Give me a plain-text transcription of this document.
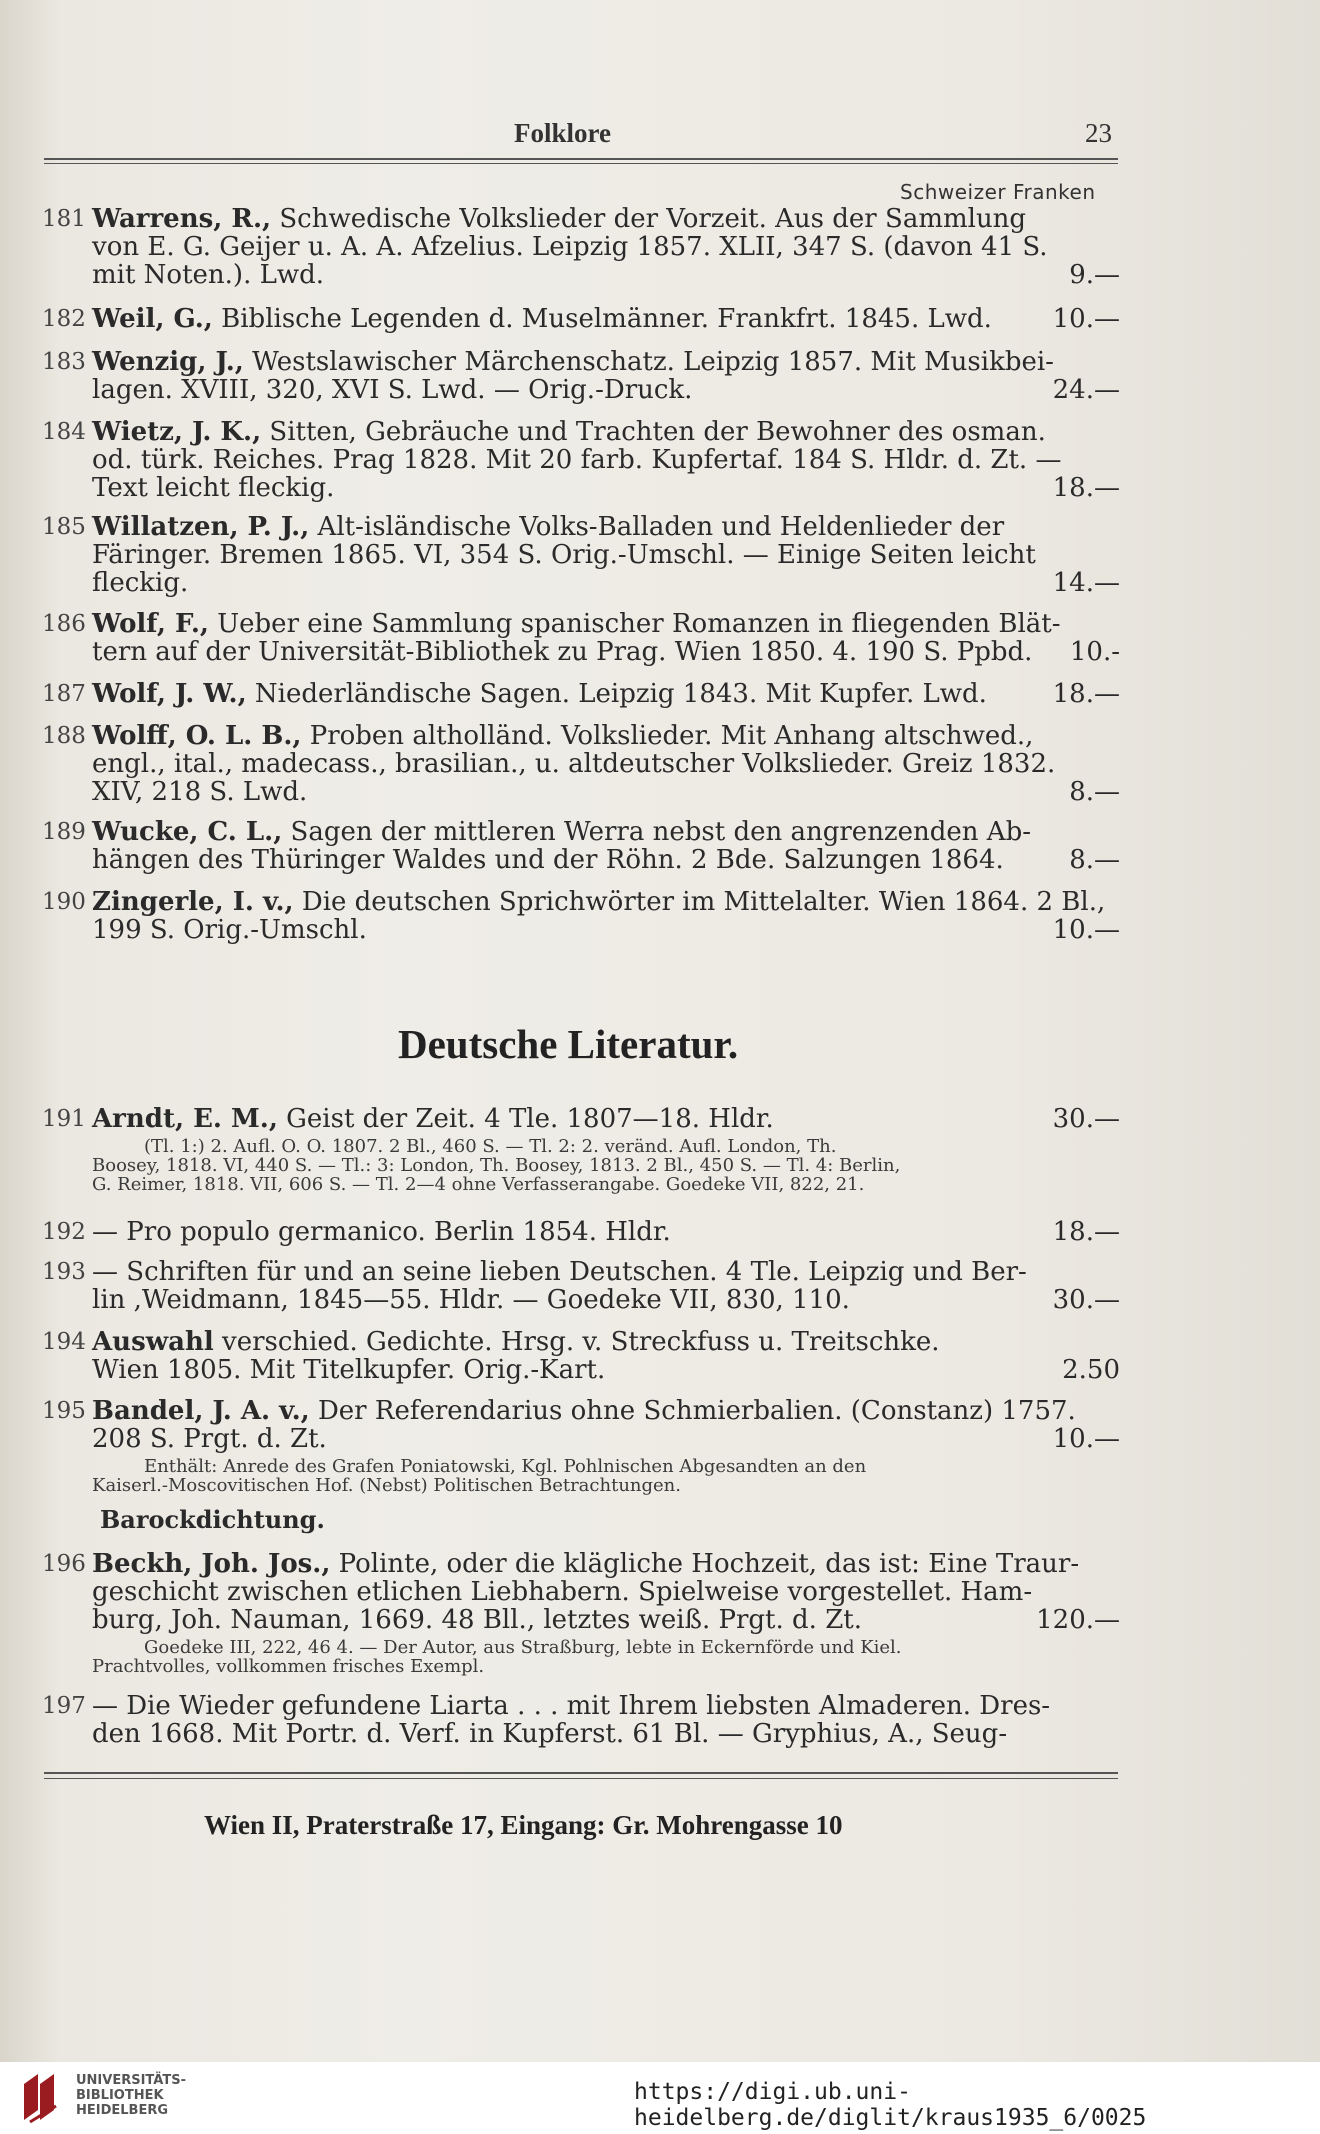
Folklore	23
Schweizer Franken
181 Warrens, R., Schwedische Volkslieder der Vorzeit. Aus der Sammlung
von E. G. Geijer u. A. A. Afzelius. Leipzig 1857. XLII, 347 S. (davon 41 S.
mit Noten.). Lwd.	9.—
182 Weil, G., Biblische Legenden d. Muselmänner. Frankfrt. 1845. Lwd.	10.—
183 Wenzig, J., Westslawischer Märchenschatz. Leipzig 1857. Mit Musikbei-
lagen. XVIII, 320, XVI S. Lwd. — Orig.-Druck.	24.—
184 Wietz, J. K., Sitten, Gebräuche und Trachten der Bewohner des osman.
od. türk. Reiches. Prag 1828. Mit 20 farb. Kupfertaf. 184 S. Hldr. d. Zt. —
Text leicht fleckig.	18.—
185 Willatzen, P. J., Alt-isländische Volks-Balladen und Heldenlieder der
Färinger. Bremen 1865. VI, 354 S. Orig.-Umschl. — Einige Seiten leicht
fleckig.	14.—
186 Wolf, F., Ueber eine Sammlung spanischer Romanzen in fliegenden Blät-
tern auf der Universität-Bibliothek zu Prag. Wien 1850. 4. 190 S. Ppbd.	10.-
187 Wolf, J. W., Niederländische Sagen. Leipzig 1843. Mit Kupfer. Lwd.	18.—
188 Wolff, O. L. B., Proben altholländ. Volkslieder. Mit Anhang altschwed.,
engl., ital., madecass., brasilian., u. altdeutscher Volkslieder. Greiz 1832.
XIV, 218 S. Lwd.	8.—
189 Wucke, C. L., Sagen der mittleren Werra nebst den angrenzenden Ab-
hängen des Thüringer Waldes und der Röhn. 2 Bde. Salzungen 1864.	8.—
190 Zingerle, I. v., Die deutschen Sprichwörter im Mittelalter. Wien 1864. 2 Bl.,
199 S. Orig.-Umschl.	10.—
Deutsche Literatur.
191 Arndt, E. M., Geist der Zeit. 4 Tle. 1807—18. Hldr.	30.—
(Tl. 1:) 2. Aufl. O. O. 1807. 2 Bl., 460 S. — Tl. 2: 2. veränd. Aufl. London, Th.
Boosey, 1818. VI, 440 S. — Tl.: 3: London, Th. Boosey, 1813. 2 Bl., 450 S. — Tl. 4: Berlin,
G. Reimer, 1818. VII, 606 S. — Tl. 2—4 ohne Verfasserangabe. Goedeke VII, 822, 21.
192 — Pro populo germanico. Berlin 1854. Hldr.	18.—
193 — Schriften für und an seine lieben Deutschen. 4 Tle. Leipzig und Ber-
lin ,Weidmann, 1845—55. Hldr. — Goedeke VII, 830, 110.	30.—
194 Auswahl verschied. Gedichte. Hrsg. v. Streckfuss u. Treitschke.
Wien 1805. Mit Titelkupfer. Orig.-Kart.	2.50
195 Bandel, J. A. v., Der Referendarius ohne Schmierbalien. (Constanz) 1757.
208 S. Prgt. d. Zt.	10.—
Enthält: Anrede des Grafen Poniatowski, Kgl. Pohlnischen Abgesandten an den
Kaiserl.-Moscovitischen Hof. (Nebst) Politischen Betrachtungen.
Barockdichtung.
196 Beckh, Joh. Jos., Polinte, oder die klägliche Hochzeit, das ist: Eine Traur-
geschicht zwischen etlichen Liebhabern. Spielweise vorgestellet. Ham-
burg, Joh. Nauman, 1669. 48 Bll., letztes weiß. Prgt. d. Zt.	120.—
Goedeke III, 222, 46 4. — Der Autor, aus Straßburg, lebte in Eckernförde und Kiel.
Prachtvolles, vollkommen frisches Exempl.
197 — Die Wieder gefundene Liarta . . . mit Ihrem liebsten Almaderen. Dres-
den 1668. Mit Portr. d. Verf. in Kupferst. 61 Bl. — Gryphius, A., Seug-
Wien II, Praterstraße 17, Eingang: Gr. Mohrengasse 10
UNIVERSITÄTS-
BIBLIOTHEK
HEIDELBERG
https://digi.ub.uni-heidelberg.de/diglit/kraus1935_6/0025
